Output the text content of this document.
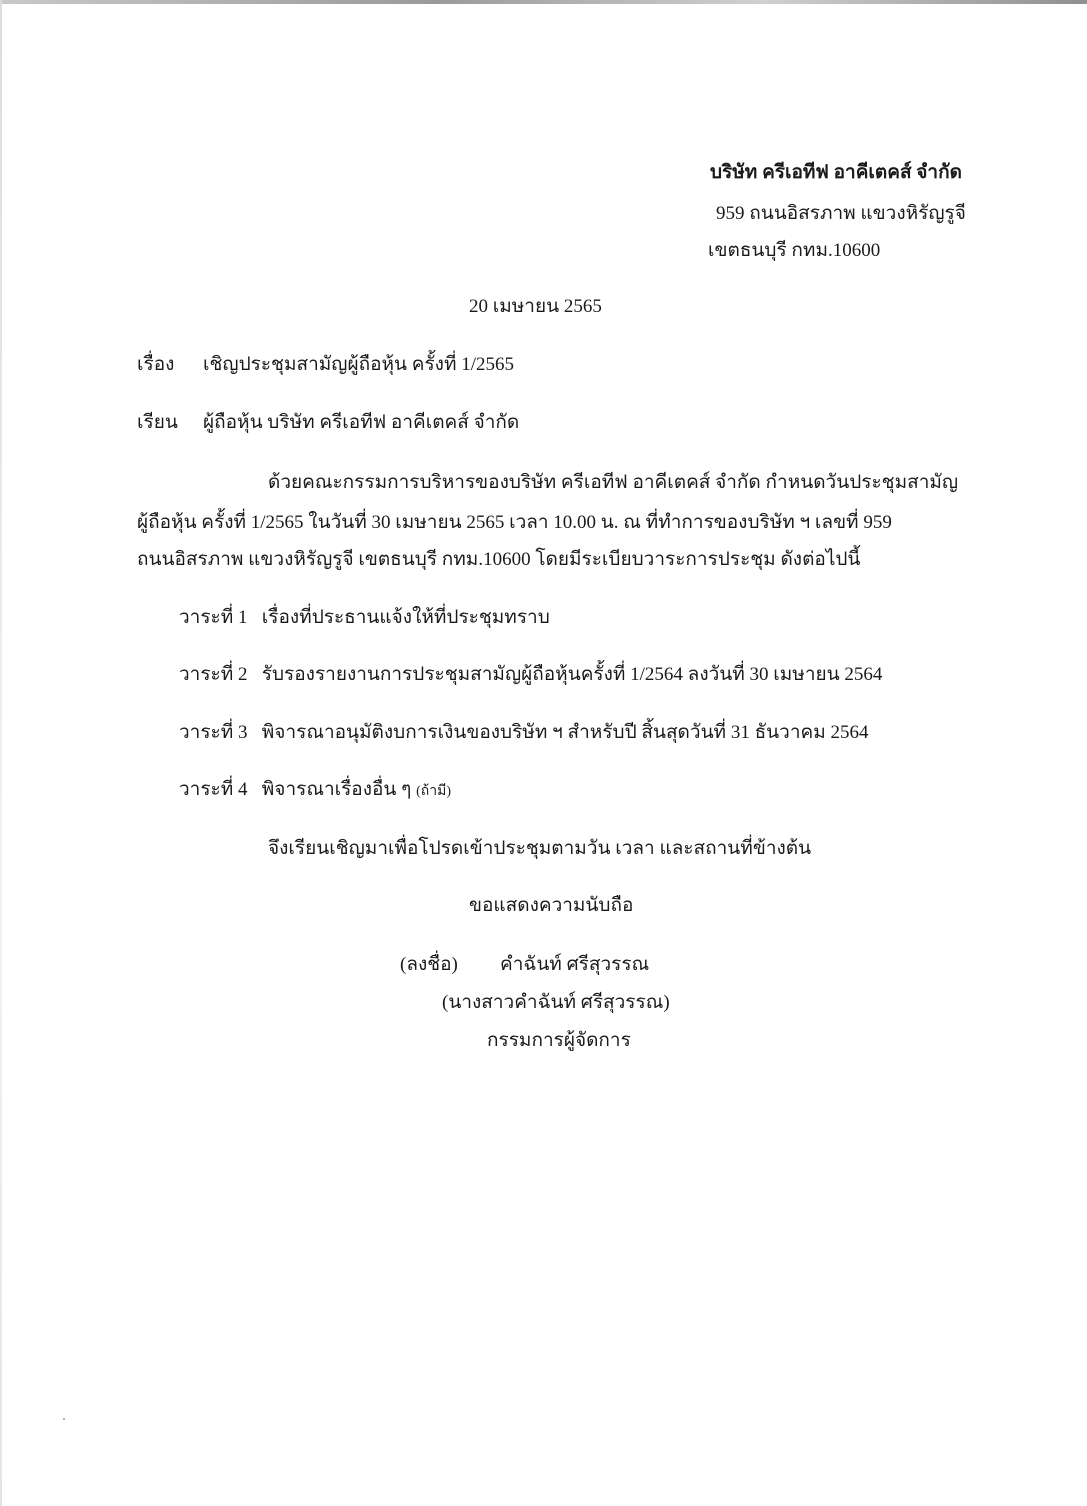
บริษัท ครีเอทีฟ อาคีเตคส์ จำกัด
959 ถนนอิสรภาพ แขวงหิรัญรูจี
เขตธนบุรี กทม.10600
20 เมษายน 2565
เรื่อง เชิญประชุมสามัญผู้ถือหุ้น ครั้งที่ 1/2565
เรียน ผู้ถือหุ้น บริษัท ครีเอทีฟ อาคีเตคส์ จำกัด
ด้วยคณะกรรมการบริหารของบริษัท ครีเอทีฟ อาคีเตคส์ จำกัด กำหนดวันประชุมสามัญ
ผู้ถือหุ้น ครั้งที่ 1/2565 ในวันที่ 30 เมษายน 2565 เวลา 10.00 น. ณ ที่ทำการของบริษัท ฯ เลขที่ 959
ถนนอิสรภาพ แขวงหิรัญรูจี เขตธนบุรี กทม.10600 โดยมีระเบียบวาระการประชุม ดังต่อไปนี้
วาระที่ 1 เรื่องที่ประธานแจ้งให้ที่ประชุมทราบ
วาระที่ 2 รับรองรายงานการประชุมสามัญผู้ถือหุ้นครั้งที่ 1/2564 ลงวันที่ 30 เมษายน 2564
วาระที่ 3 พิจารณาอนุมัติงบการเงินของบริษัท ฯ สำหรับปี สิ้นสุดวันที่ 31 ธันวาคม 2564
วาระที่ 4 พิจารณาเรื่องอื่น ๆ (ถ้ามี)
จึงเรียนเชิญมาเพื่อโปรดเข้าประชุมตามวัน เวลา และสถานที่ข้างต้น
ขอแสดงความนับถือ
(ลงชื่อ) คำฉันท์ ศรีสุวรรณ
(นางสาวคำฉันท์ ศรีสุวรรณ)
กรรมการผู้จัดการ
